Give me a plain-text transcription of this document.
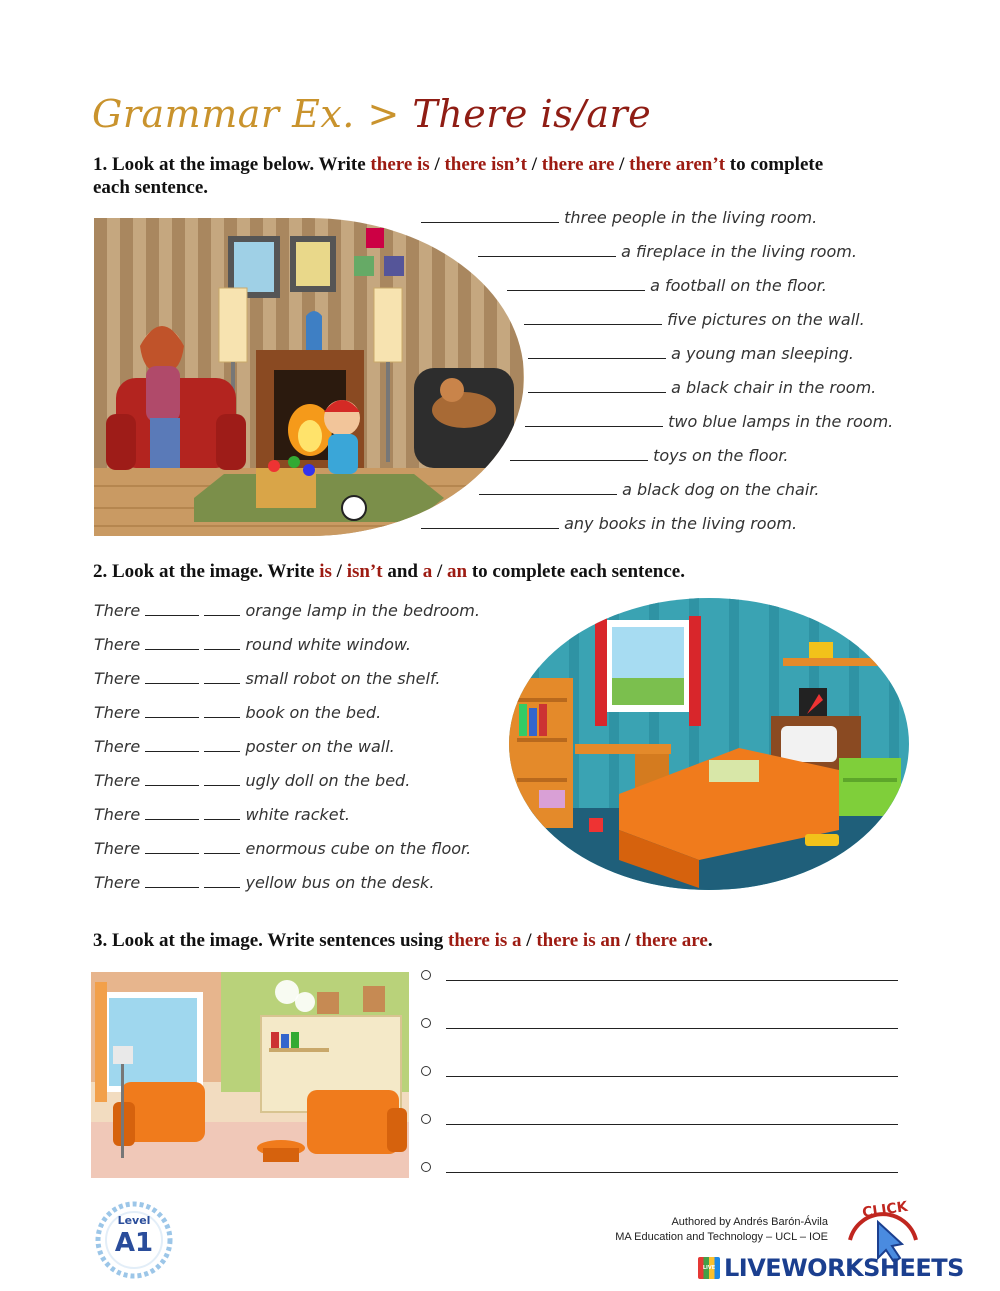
Grammar Ex. > There is/are
1. Look at the image below. Write there is / there isn’t / there are / there aren’t to complete
each sentence.
three people in the living room.
a fireplace in the living room.
a football on the floor.
five pictures on the wall.
a young man sleeping.
a black chair in the room.
two blue lamps in the room.
toys on the floor.
a black dog on the chair.
any books in the living room.
2. Look at the image. Write is / isn’t and a / an to complete each sentence.
There	orange lamp in the bedroom.
There	round white window.
There	small robot on the shelf.
There	book on the bed.
There	poster on the wall.
There	ugly doll on the bed.
There	white racket.
There	enormous cube on the floor.
There	yellow bus on the desk.
3. Look at the image. Write sentences using there is a / there is an / there are.
Level
A1
Authored by Andrés Barón-Ávila
MA Education and Technology – UCL – IOE
CLICK
LIVE LIVEWORKSHEETS
